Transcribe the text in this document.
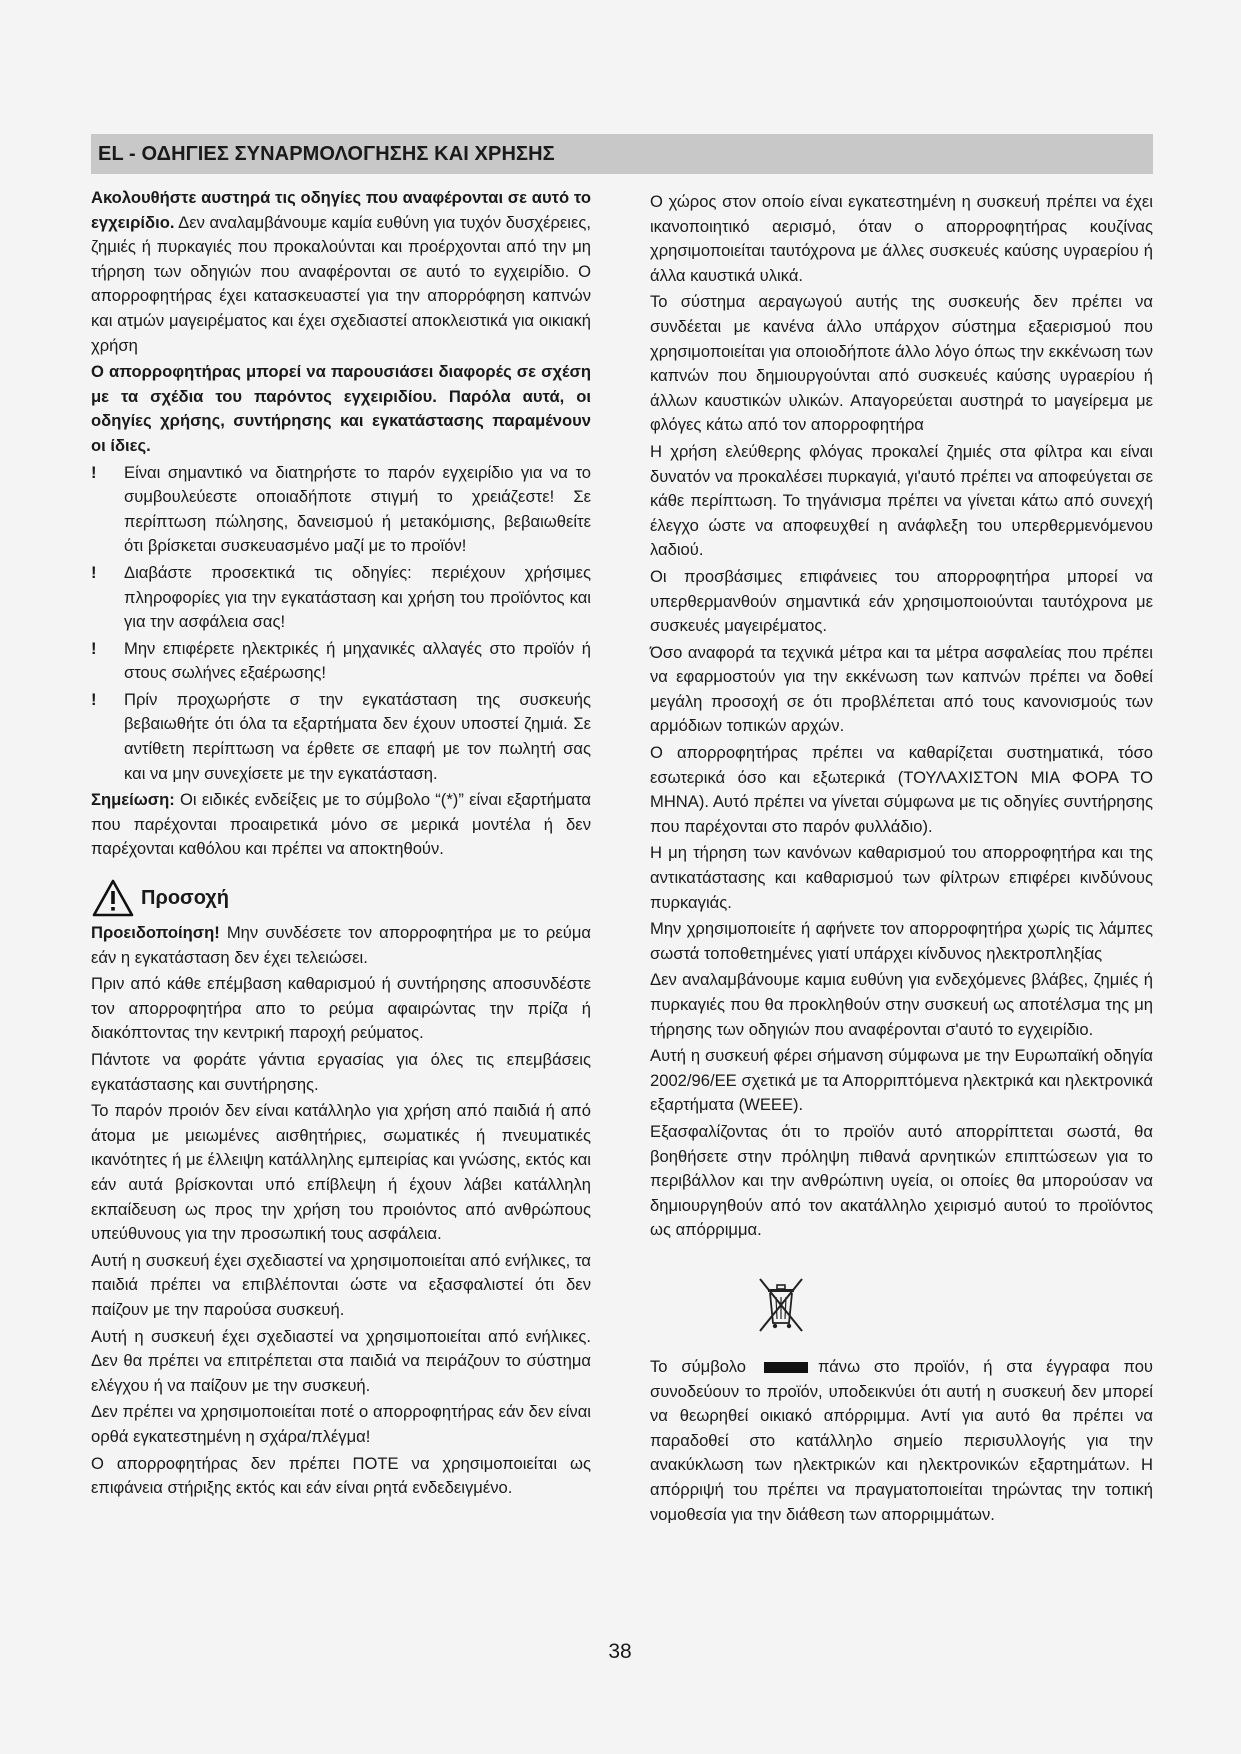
EL - ΟΔΗΓΙΕΣ ΣΥΝΑΡΜΟΛΟΓΗΣΗΣ ΚΑΙ ΧΡΗΣΗΣ

Ακολουθήστε αυστηρά τις οδηγίες που αναφέρονται σε αυτό το εγχειρίδιο. Δεν αναλαμβάνουμε καμία ευθύνη για τυχόν δυσχέρειες, ζημιές ή πυρκαγιές που προκαλούνται και προέρχονται από την μη τήρηση των οδηγιών που αναφέρονται σε αυτό το εγχειρίδιο. Ο απορροφητήρας έχει κατασκευαστεί για την απορρόφηση καπνών και ατμών μαγειρέματος και έχει σχεδιαστεί αποκλειστικά για οικιακή χρήση

Ο απορροφητήρας μπορεί να παρουσιάσει διαφορές σε σχέση με τα σχέδια του παρόντος εγχειριδίου. Παρόλα αυτά, οι οδηγίες χρήσης, συντήρησης και εγκατάστασης παραμένουν οι ίδιες.

!	Είναι σημαντικό να διατηρήστε το παρόν εγχειρίδιο για να το συμβουλεύεστε οποιαδήποτε στιγμή το χρειάζεστε! Σε περίπτωση πώλησης, δανεισμού ή μετακόμισης, βεβαιωθείτε ότι βρίσκεται συσκευασμένο μαζί με το προϊόν!
!	Διαβάστε προσεκτικά τις οδηγίες: περιέχουν χρήσιμες πληροφορίες για την εγκατάσταση και χρήση του προϊόντος και για την ασφάλεια σας!
!	Μην επιφέρετε ηλεκτρικές ή μηχανικές αλλαγές στο προϊόν ή στους σωλήνες εξαέρωσης!
!	Πρίν προχωρήστε σ την εγκατάσταση της συσκευής βεβαιωθήτε ότι όλα τα εξαρτήματα δεν έχουν υποστεί ζημιά. Σε αντίθετη περίπτωση να έρθετε σε επαφή με τον πωλητή σας και να μην συνεχίσετε με την εγκατάσταση.

Σημείωση: Οι ειδικές ενδείξεις με το σύμβολο “(*)” είναι εξαρτήματα που παρέχονται προαιρετικά μόνο σε μερικά μοντέλα ή δεν παρέχονται καθόλου και πρέπει να αποκτηθούν.

Προσοχή

Προειδοποίηση! Μην συνδέσετε τον απορροφητήρα με το ρεύμα εάν η εγκατάσταση δεν έχει τελειώσει.

Πριν από κάθε επέμβαση καθαρισμού ή συντήρησης αποσυνδέστε τον απορροφητήρα απο το ρεύμα αφαιρώντας την πρίζα ή διακόπτοντας την κεντρική παροχή ρεύματος.

Πάντοτε να φοράτε γάντια εργασίας για όλες τις επεμβάσεις εγκατάστασης και συντήρησης.

Το παρόν προιόν δεν είναι κατάλληλο για χρήση από παιδιά ή από άτομα με μειωμένες αισθητήριες, σωματικές ή πνευματικές ικανότητες ή με έλλειψη κατάλληλης εμπειρίας και γνώσης, εκτός και εάν αυτά βρίσκονται υπό επίβλεψη ή έχουν λάβει κατάλληλη εκπαίδευση ως προς την χρήση του προιόντος από ανθρώπους υπεύθυνους για την προσωπική τους ασφάλεια.

Αυτή η συσκευή έχει σχεδιαστεί να χρησιμοποιείται από ενήλικες, τα παιδιά πρέπει να επιβλέπονται ώστε να εξασφαλιστεί ότι δεν παίζουν με την παρούσα συσκευή.

Αυτή η συσκευή έχει σχεδιαστεί να χρησιμοποιείται από ενήλικες. Δεν θα πρέπει να επιτρέπεται στα παιδιά να πειράζουν το σύστημα ελέγχου ή να παίζουν με την συσκευή.

Δεν πρέπει να χρησιμοποιείται ποτέ ο απορροφητήρας εάν δεν είναι ορθά εγκατεστημένη η σχάρα/πλέγμα!

Ο απορροφητήρας δεν πρέπει ΠΟΤΕ να χρησιμοποιείται ως επιφάνεια στήριξης εκτός και εάν είναι ρητά ενδεδειγμένο.

Ο χώρος στον οποίο είναι εγκατεστημένη η συσκευή πρέπει να έχει ικανοποιητικό αερισμό, όταν ο απορροφητήρας κουζίνας χρησιμοποιείται ταυτόχρονα με άλλες συσκευές καύσης υγραερίου ή άλλα καυστικά υλικά.

Το σύστημα αεραγωγού αυτής της συσκευής δεν πρέπει να συνδέεται με κανένα άλλο υπάρχον σύστημα εξαερισμού που χρησιμοποιείται για οποιοδήποτε άλλο λόγο όπως την εκκένωση των καπνών που δημιουργούνται από συσκευές καύσης υγραερίου ή άλλων καυστικών υλικών. Απαγορεύεται αυστηρά το μαγείρεμα με φλόγες κάτω από τον απορροφητήρα

Η χρήση ελεύθερης φλόγας προκαλεί ζημιές στα φίλτρα και είναι δυνατόν να προκαλέσει πυρκαγιά, γι'αυτό πρέπει να αποφεύγεται σε κάθε περίπτωση. Το τηγάνισμα πρέπει να γίνεται κάτω από συνεχή έλεγχο ώστε να αποφευχθεί η ανάφλεξη του υπερθερμενόμενου λαδιού.

Οι προσβάσιμες επιφάνειες του απορροφητήρα μπορεί να υπερθερμανθούν σημαντικά εάν χρησιμοποιούνται ταυτόχρονα με συσκευές μαγειρέματος.

Όσο αναφορά τα τεχνικά μέτρα και τα μέτρα ασφαλείας που πρέπει να εφαρμοστούν για την εκκένωση των καπνών πρέπει να δοθεί μεγάλη προσοχή σε ότι προβλέπεται από τους κανονισμούς των αρμόδιων τοπικών αρχών.

Ο απορροφητήρας πρέπει να καθαρίζεται συστηματικά, τόσο εσωτερικά όσο και εξωτερικά (ΤΟΥΛΑΧΙΣΤΟΝ ΜΙΑ ΦΟΡΑ ΤΟ ΜΗΝΑ). Αυτό πρέπει να γίνεται σύμφωνα με τις οδηγίες συντήρησης που παρέχονται στο παρόν φυλλάδιο).

Η μη τήρηση των κανόνων καθαρισμού του απορροφητήρα και της αντικατάστασης και καθαρισμού των φίλτρων επιφέρει κινδύνους πυρκαγιάς.

Μην χρησιμοποιείτε ή αφήνετε τον απορροφητήρα χωρίς τις λάμπες σωστά τοποθετημένες γιατί υπάρχει κίνδυνος ηλεκτροπληξίας

Δεν αναλαμβάνουμε καμια ευθύνη για ενδεχόμενες βλάβες, ζημιές ή πυρκαγιές που θα προκληθούν στην συσκευή ως αποτέλσμα της μη τήρησης των οδηγιών που αναφέρονται σ'αυτό το εγχειρίδιο.

Αυτή η συσκευή φέρει σήμανση σύμφωνα με την Ευρωπαϊκή οδηγία 2002/96/ΕΕ σχετικά με τα Απορριπτόμενα ηλεκτρικά και ηλεκτρονικά εξαρτήματα (WEEE).

Εξασφαλίζοντας ότι το προϊόν αυτό απορρίπτεται σωστά, θα βοηθήσετε στην πρόληψη πιθανά αρνητικών επιπτώσεων για το περιβάλλον και την ανθρώπινη υγεία, οι οποίες θα μπορούσαν να δημιουργηθούν από τον ακατάλληλο χειρισμό αυτού το προϊόντος ως απόρριμμα.

Το σύμβολο	πάνω στο προϊόν, ή στα έγγραφα που συνοδεύουν το προϊόν, υποδεικνύει ότι αυτή η συσκευή δεν μπορεί να θεωρηθεί οικιακό απόρριμμα. Αντί για αυτό θα πρέπει να παραδοθεί στο κατάλληλο σημείο περισυλλογής για την ανακύκλωση των ηλεκτρικών και ηλεκτρονικών εξαρτημάτων. Η απόρριψή του πρέπει να πραγματοποιείται τηρώντας την τοπική νομοθεσία για την διάθεση των απορριμμάτων.

38
